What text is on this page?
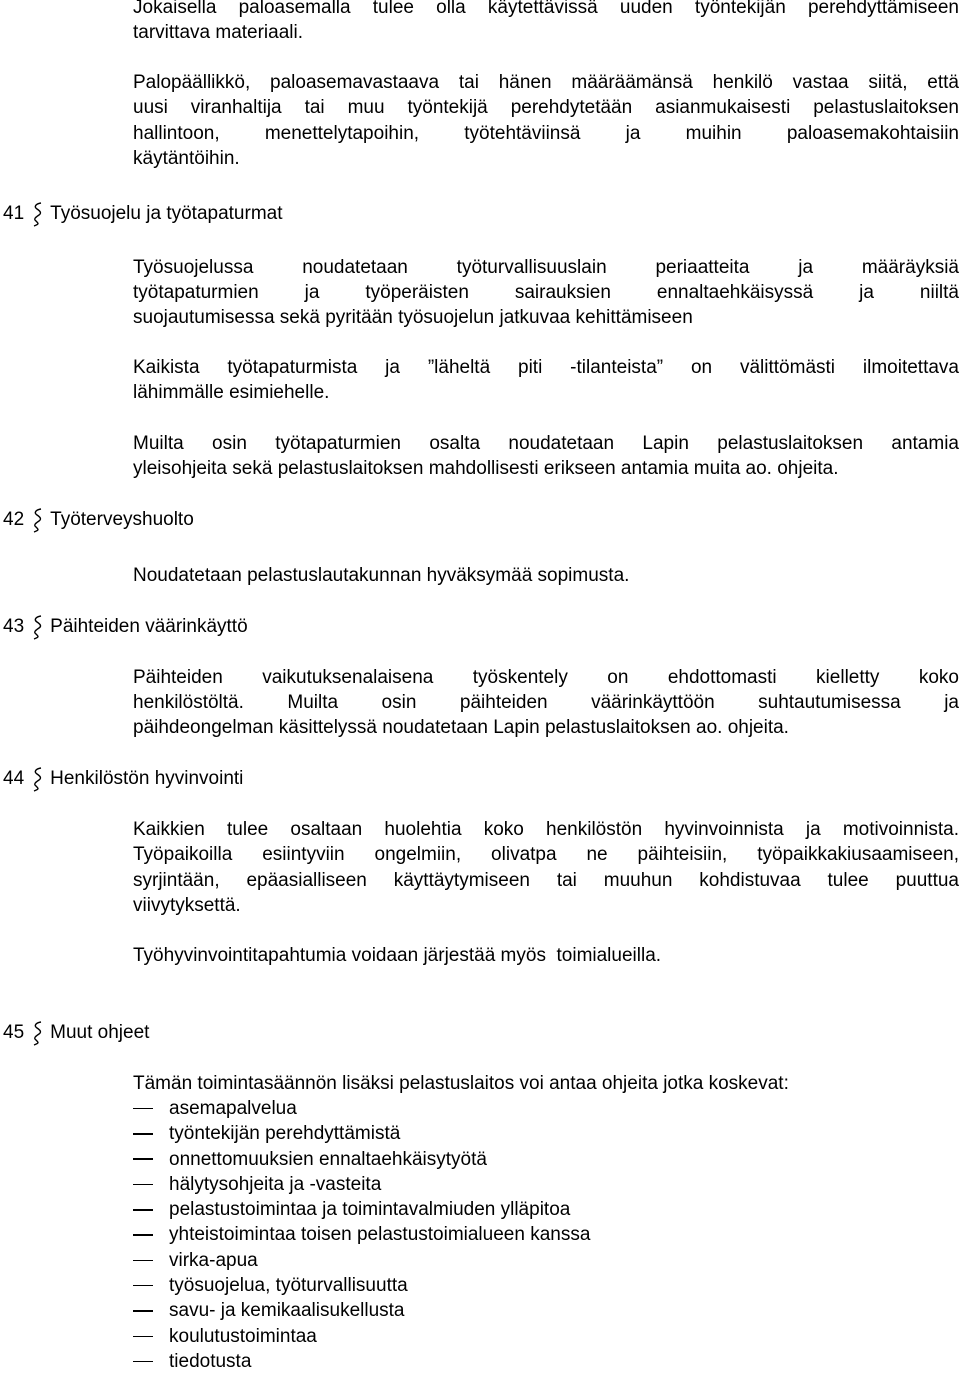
Jokaisella paloasemalla tulee olla käytettävissä uuden työntekijän perehdyttämiseen
tarvittava materiaali.
Palopäällikkö, paloasemavastaava tai hänen määräämänsä henkilö vastaa siitä, että
uusi viranhaltija tai muu työntekijä perehdytetään asianmukaisesti pelastuslaitoksen
hallintoon, menettelytapoihin, työtehtäviinsä ja muihin paloasemakohtaisiin
käytäntöihin.
41 Työsuojelu ja työtapaturmat
Työsuojelussa noudatetaan työturvallisuuslain periaatteita ja määräyksiä
työtapaturmien ja työperäisten sairauksien ennaltaehkäisyssä ja niiltä
suojautumisessa sekä pyritään työsuojelun jatkuvaa kehittämiseen
Kaikista työtapaturmista ja ”läheltä piti -tilanteista” on välittömästi ilmoitettava
lähimmälle esimiehelle.
Muilta osin työtapaturmien osalta noudatetaan Lapin pelastuslaitoksen antamia
yleisohjeita sekä pelastuslaitoksen mahdollisesti erikseen antamia muita ao. ohjeita.
42 Työterveyshuolto
Noudatetaan pelastuslautakunnan hyväksymää sopimusta.
43 Päihteiden väärinkäyttö
Päihteiden vaikutuksenalaisena työskentely on ehdottomasti kielletty koko
henkilöstöltä. Muilta osin päihteiden väärinkäyttöön suhtautumisessa ja
päihdeongelman käsittelyssä noudatetaan Lapin pelastuslaitoksen ao. ohjeita.
44 Henkilöstön hyvinvointi
Kaikkien tulee osaltaan huolehtia koko henkilöstön hyvinvoinnista ja motivoinnista.
Työpaikoilla esiintyviin ongelmiin, olivatpa ne päihteisiin, työpaikkakiusaamiseen,
syrjintään, epäasialliseen käyttäytymiseen tai muuhun kohdistuvaa tulee puuttua
viivytyksettä.
Työhyvinvointitapahtumia voidaan järjestää myös  toimialueilla.
45 Muut ohjeet
Tämän toimintasäännön lisäksi pelastuslaitos voi antaa ohjeita jotka koskevat:
asemapalvelua
työntekijän perehdyttämistä
onnettomuuksien ennaltaehkäisytyötä
hälytysohjeita ja -vasteita
pelastustoimintaa ja toimintavalmiuden ylläpitoa
yhteistoimintaa toisen pelastustoimialueen kanssa
virka-apua
työsuojelua, työturvallisuutta
savu- ja kemikaalisukellusta
koulutustoimintaa
tiedotusta
